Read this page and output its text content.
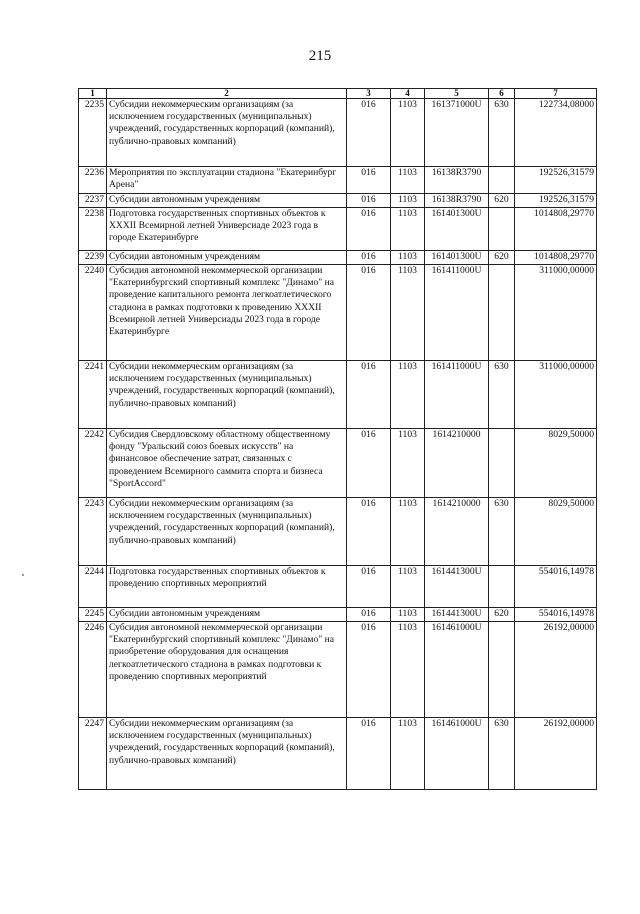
215
1	2	3	4	5	6	7
2235	Субсидии некоммерческим организациям (за исключением государственных (муниципальных) учреждений, государственных корпораций (компаний), публично-правовых компаний)	016	1103	161371000U	630	122734,08000
2236	Мероприятия по эксплуатации стадиона "Екатеринбург Арена"	016	1103	16138R3790		192526,31579
2237	Субсидии автономным учреждениям	016	1103	16138R3790	620	192526,31579
2238	Подготовка государственных спортивных объектов к XXXII Всемирной летней Универсиаде 2023 года в городе Екатеринбурге	016	1103	161401300U		1014808,29770
2239	Субсидии автономным учреждениям	016	1103	161401300U	620	1014808,29770
2240	Субсидия автономной некоммерческой организации "Екатеринбургский спортивный комплекс "Динамо" на проведение капитального ремонта легкоатлетического стадиона в рамках подготовки к проведению XXXII Всемирной летней Универсиады 2023 года в городе Екатеринбурге	016	1103	161411000U		311000,00000
2241	Субсидии некоммерческим организациям (за исключением государственных (муниципальных) учреждений, государственных корпораций (компаний), публично-правовых компаний)	016	1103	161411000U	630	311000,00000
2242	Субсидия Свердловскому областному общественному фонду "Уральский союз боевых искусств" на финансовое обеспечение затрат, связанных с проведением Всемирного саммита спорта и бизнеса "SportAccord"	016	1103	1614210000		8029,50000
2243	Субсидии некоммерческим организациям (за исключением государственных (муниципальных) учреждений, государственных корпораций (компаний), публично-правовых компаний)	016	1103	1614210000	630	8029,50000
2244	Подготовка государственных спортивных объектов к проведению спортивных мероприятий	016	1103	161441300U		554016,14978
2245	Субсидии автономным учреждениям	016	1103	161441300U	620	554016,14978
2246	Субсидия автономной некоммерческой организации "Екатеринбургский спортивный комплекс "Динамо" на приобретение оборудования для оснащения легкоатлетического стадиона в рамках подготовки к проведению спортивных мероприятий	016	1103	161461000U		26192,00000
2247	Субсидии некоммерческим организациям (за исключением государственных (муниципальных) учреждений, государственных корпораций (компаний), публично-правовых компаний)	016	1103	161461000U	630	26192,00000
